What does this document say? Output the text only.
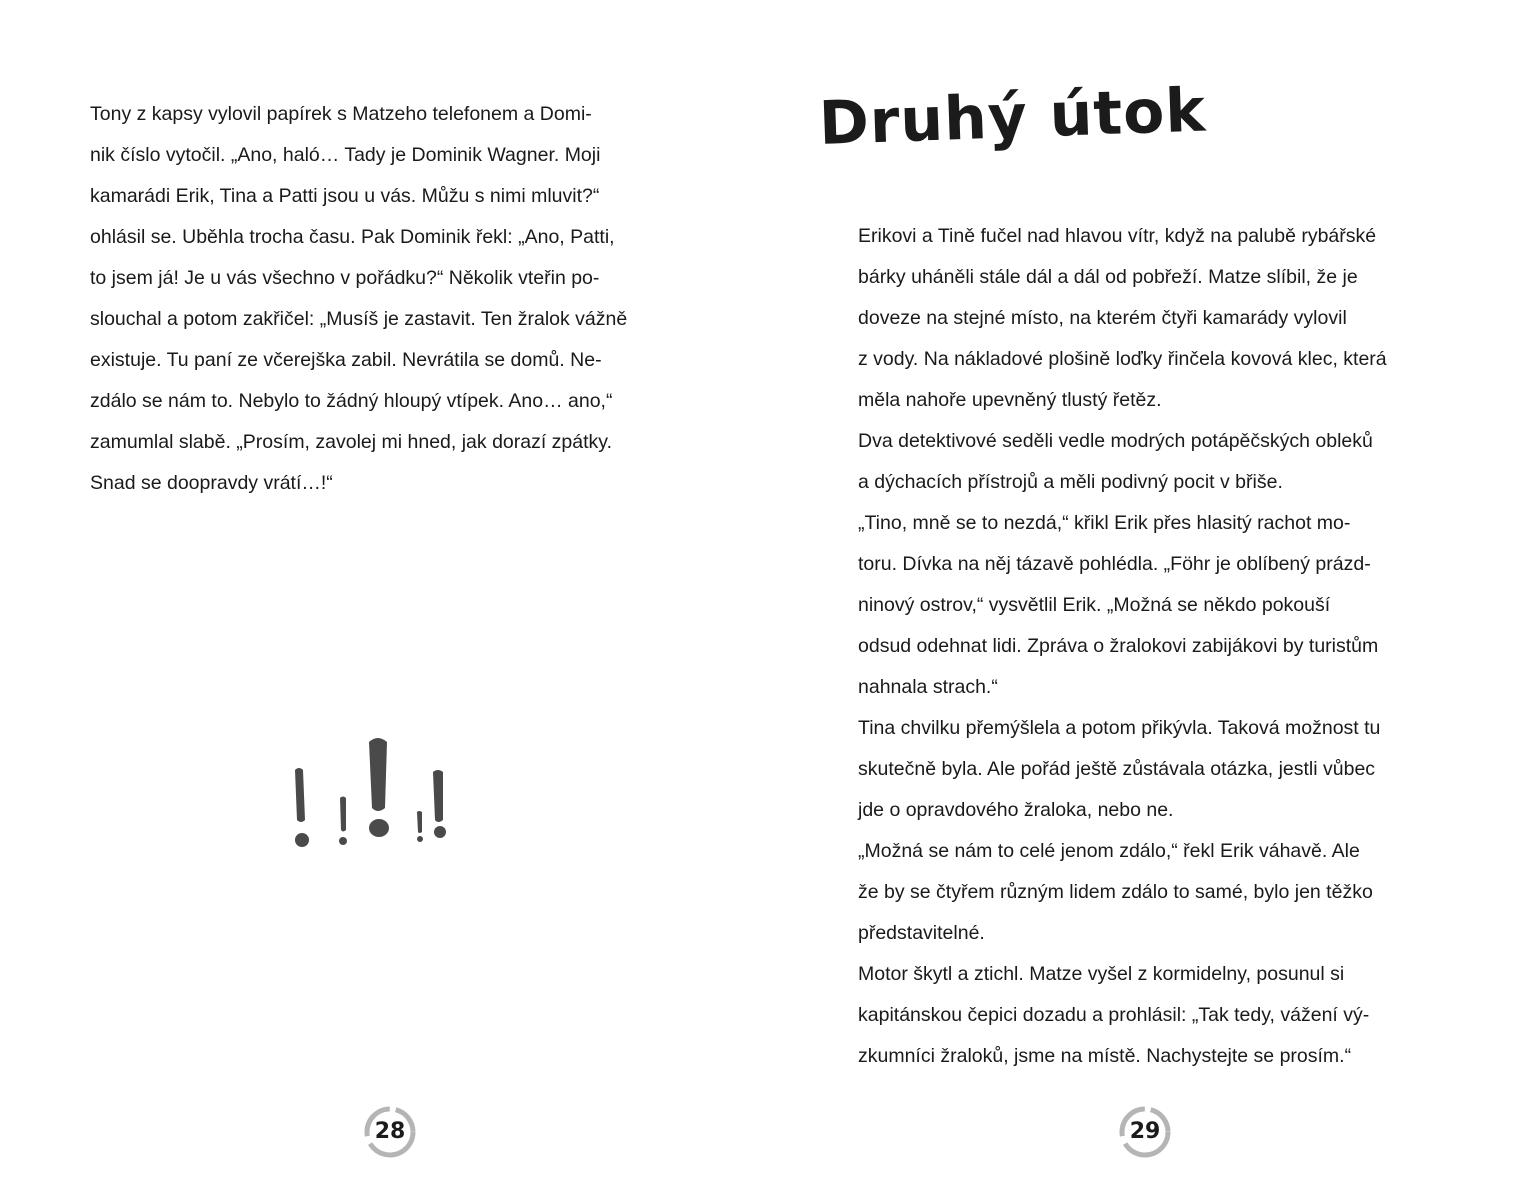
Tony z kapsy vylovil papírek s Matzeho telefonem a Domi-
nik číslo vytočil. „Ano, haló… Tady je Dominik Wagner. Moji
kamarádi Erik, Tina a Patti jsou u vás. Můžu s nimi mluvit?“
ohlásil se. Uběhla trocha času. Pak Dominik řekl: „Ano, Patti,
to jsem já! Je u vás všechno v pořádku?“ Několik vteřin po-
slouchal a potom zakřičel: „Musíš je zastavit. Ten žralok vážně
existuje. Tu paní ze včerejška zabil. Nevrátila se domů. Ne-
zdálo se nám to. Nebylo to žádný hloupý vtípek. Ano… ano,“
zamumlal slabě. „Prosím, zavolej mi hned, jak dorazí zpátky.
Snad se doopravdy vrátí…!“
28
Druhý útok
Erikovi a Tině fučel nad hlavou vítr, když na palubě rybářské
bárky uháněli stále dál a dál od pobřeží. Matze slíbil, že je
doveze na stejné místo, na kterém čtyři kamarády vylovil
z vody. Na nákladové plošině loďky řinčela kovová klec, která
měla nahoře upevněný tlustý řetěz.
Dva detektivové seděli vedle modrých potápěčských obleků
a dýchacích přístrojů a měli podivný pocit v břiše.
„Tino, mně se to nezdá,“ křikl Erik přes hlasitý rachot mo-
toru. Dívka na něj tázavě pohlédla. „Föhr je oblíbený prázd-
ninový ostrov,“ vysvětlil Erik. „Možná se někdo pokouší
odsud odehnat lidi. Zpráva o žralokovi zabijákovi by turistům
nahnala strach.“
Tina chvilku přemýšlela a potom přikývla. Taková možnost tu
skutečně byla. Ale pořád ještě zůstávala otázka, jestli vůbec
jde o opravdového žraloka, nebo ne.
„Možná se nám to celé jenom zdálo,“ řekl Erik váhavě. Ale
že by se čtyřem různým lidem zdálo to samé, bylo jen těžko
představitelné.
Motor škytl a ztichl. Matze vyšel z kormidelny, posunul si
kapitánskou čepici dozadu a prohlásil: „Tak tedy, vážení vý-
zkumníci žraloků, jsme na místě. Nachystejte se prosím.“
29
